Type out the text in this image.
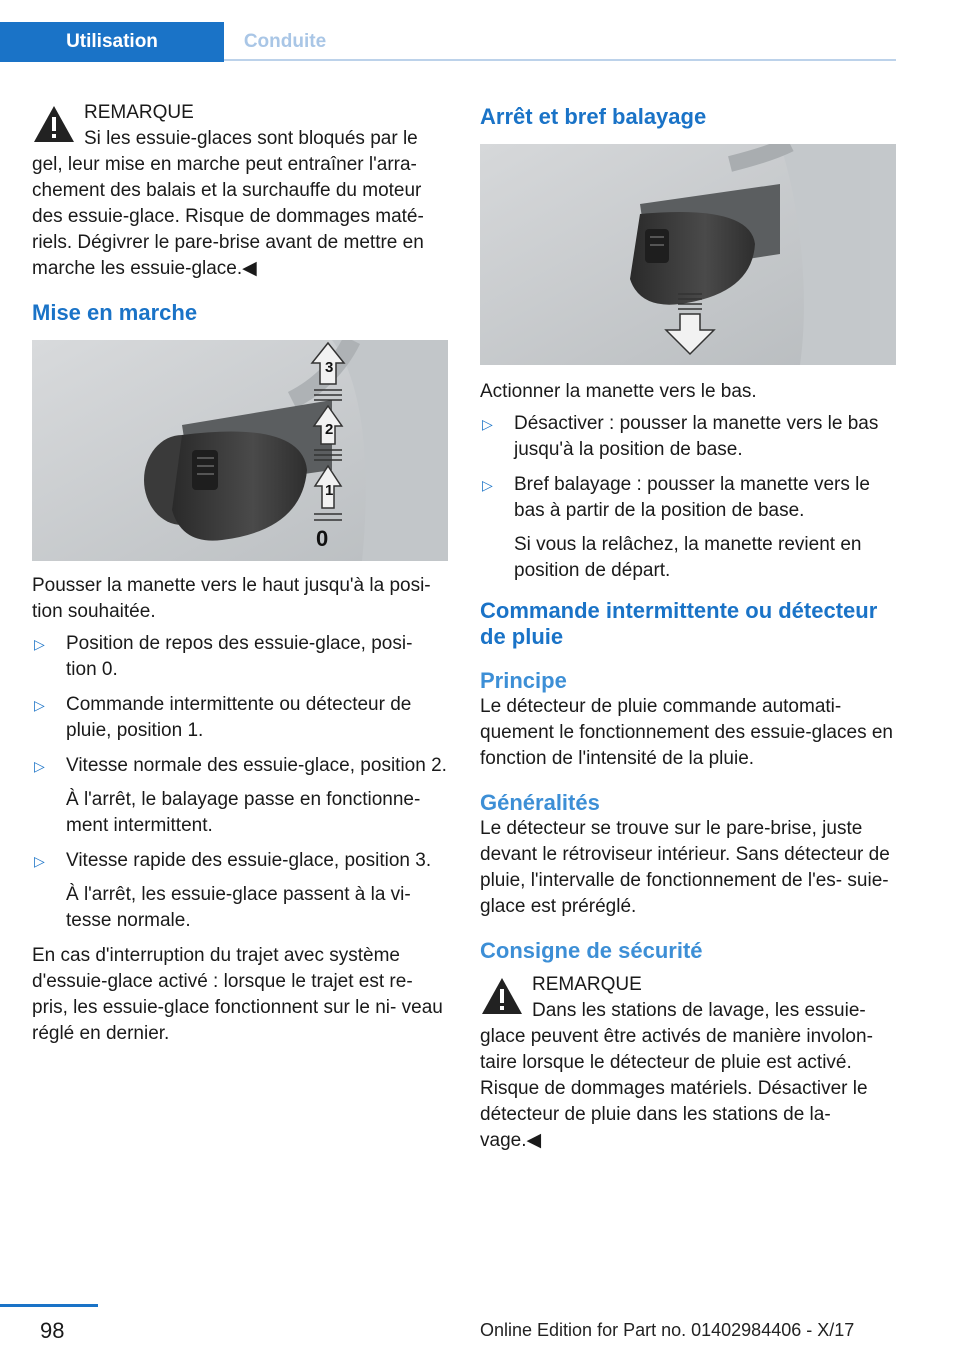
Utilisation	Conduite
REMARQUE
Si les essuie-glaces sont bloqués par le
gel, leur mise en marche peut entraîner l'arra- chement des balais et la surchauffe du moteur des essuie-glace. Risque de dommages maté- riels. Dégivrer le pare-brise avant de mettre en marche les essuie-glace.◀
Mise en marche
3
2
1
0

Pousser la manette vers le haut jusqu'à la posi- tion souhaitée.

▷ Position de repos des essuie-glace, posi- tion 0.
▷ Commande intermittente ou détecteur de pluie, position 1.
▷ Vitesse normale des essuie-glace, position 2.
À l'arrêt, le balayage passe en fonctionne- ment intermittent.
▷ Vitesse rapide des essuie-glace, position 3.
À l'arrêt, les essuie-glace passent à la vi- tesse normale.

En cas d'interruption du trajet avec système d'essuie-glace activé : lorsque le trajet est re- pris, les essuie-glace fonctionnent sur le ni- veau réglé en dernier.

Arrêt et bref balayage

Actionner la manette vers le bas.

▷ Désactiver : pousser la manette vers le bas jusqu'à la position de base.
▷ Bref balayage : pousser la manette vers le bas à partir de la position de base.
Si vous la relâchez, la manette revient en position de départ.
Commande intermittente ou détecteur de pluie
Principe

Le détecteur de pluie commande automati- quement le fonctionnement des essuie-glaces en fonction de l'intensité de la pluie.

Généralités

Le détecteur se trouve sur le pare-brise, juste devant le rétroviseur intérieur. Sans détecteur de pluie, l'intervalle de fonctionnement de l'es- suie-glace est préréglé.

Consigne de sécurité
REMARQUE
Dans les stations de lavage, les essuie-
glace peuvent être activés de manière involon- taire lorsque le détecteur de pluie est activé. Risque de dommages matériels. Désactiver le détecteur de pluie dans les stations de la- vage.◀
98	Online Edition for Part no. 01402984406 - X/17
